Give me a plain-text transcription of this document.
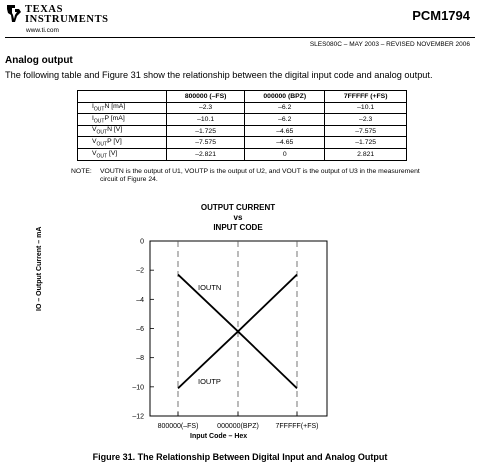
TEXAS
INSTRUMENTS
www.ti.com
PCM1794
SLES080C – MAY 2003 – REVISED NOVEMBER 2006
Analog output
The following table and Figure 31 show the relationship between the digital input code and analog output.
	800000 (–FS)	000000 (BPZ)	7FFFFF (+FS)
$I_{OUT}N$ [mA]	–2.3	–6.2	–10.1
$I_{OUT}P$ [mA]	–10.1	–6.2	–2.3
$V_{OUT}N$ [V]	–1.725	–4.65	–7.575
$V_{OUT}P$ [V]	–7.575	–4.65	–1.725
$V_{OUT}$ [V]	–2.821	0	2.821
NOTE: VOUTN is the output of U1, VOUTP is the output of U2, and VOUT is the output of U3 in the measurement circuit of Figure 24.
OUTPUT CURRENT
vs
INPUT CODE
0
–2
–4
–6
–8
–10
–12
800000(–FS)	000000(BPZ) 7FFFFF(+FS)
IOUTN
IOUTP
IO – Output Current – mA
Input Code – Hex
Figure 31. The Relationship Between Digital Input and Analog Output
